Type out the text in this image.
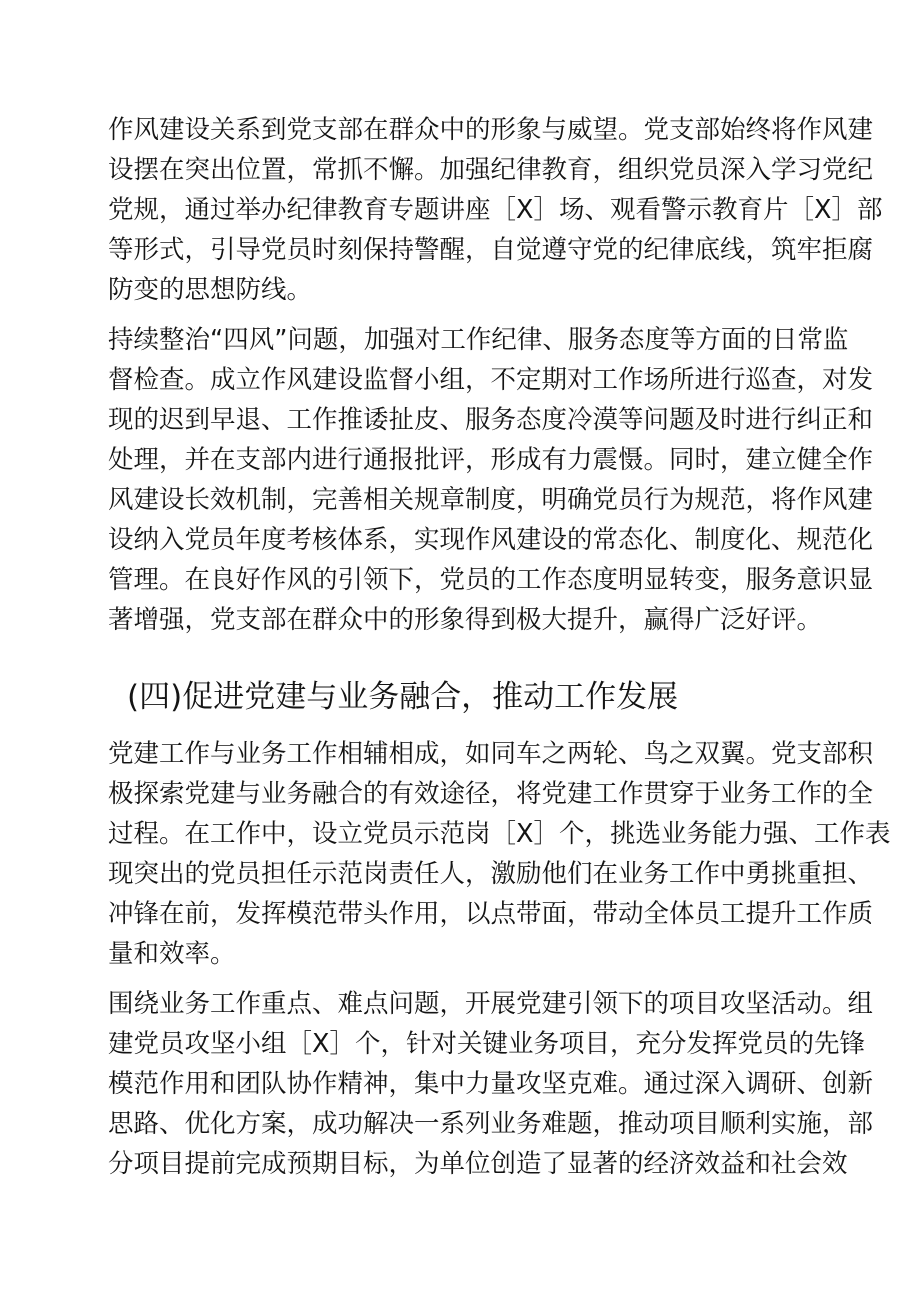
作风建设关系到党支部在群众中的形象与威望。党支部始终将作风建
设摆在突出位置，常抓不懈。加强纪律教育，组织党员深入学习党纪
党规，通过举办纪律教育专题讲座［X］场、观看警示教育片［X］部
等形式，引导党员时刻保持警醒，自觉遵守党的纪律底线，筑牢拒腐
防变的思想防线。
持续整治“四风”问题，加强对工作纪律、服务态度等方面的日常监
督检查。成立作风建设监督小组，不定期对工作场所进行巡查，对发
现的迟到早退、工作推诿扯皮、服务态度冷漠等问题及时进行纠正和
处理，并在支部内进行通报批评，形成有力震慑。同时，建立健全作
风建设长效机制，完善相关规章制度，明确党员行为规范，将作风建
设纳入党员年度考核体系，实现作风建设的常态化、制度化、规范化
管理。在良好作风的引领下，党员的工作态度明显转变，服务意识显
著增强，党支部在群众中的形象得到极大提升，赢得广泛好评。
(四)促进党建与业务融合，推动工作发展
党建工作与业务工作相辅相成，如同车之两轮、鸟之双翼。党支部积
极探索党建与业务融合的有效途径，将党建工作贯穿于业务工作的全
过程。在工作中，设立党员示范岗［X］个，挑选业务能力强、工作表
现突出的党员担任示范岗责任人，激励他们在业务工作中勇挑重担、
冲锋在前，发挥模范带头作用，以点带面，带动全体员工提升工作质
量和效率。
围绕业务工作重点、难点问题，开展党建引领下的项目攻坚活动。组
建党员攻坚小组［X］个，针对关键业务项目，充分发挥党员的先锋
模范作用和团队协作精神，集中力量攻坚克难。通过深入调研、创新
思路、优化方案，成功解决一系列业务难题，推动项目顺利实施，部
分项目提前完成预期目标，为单位创造了显著的经济效益和社会效
